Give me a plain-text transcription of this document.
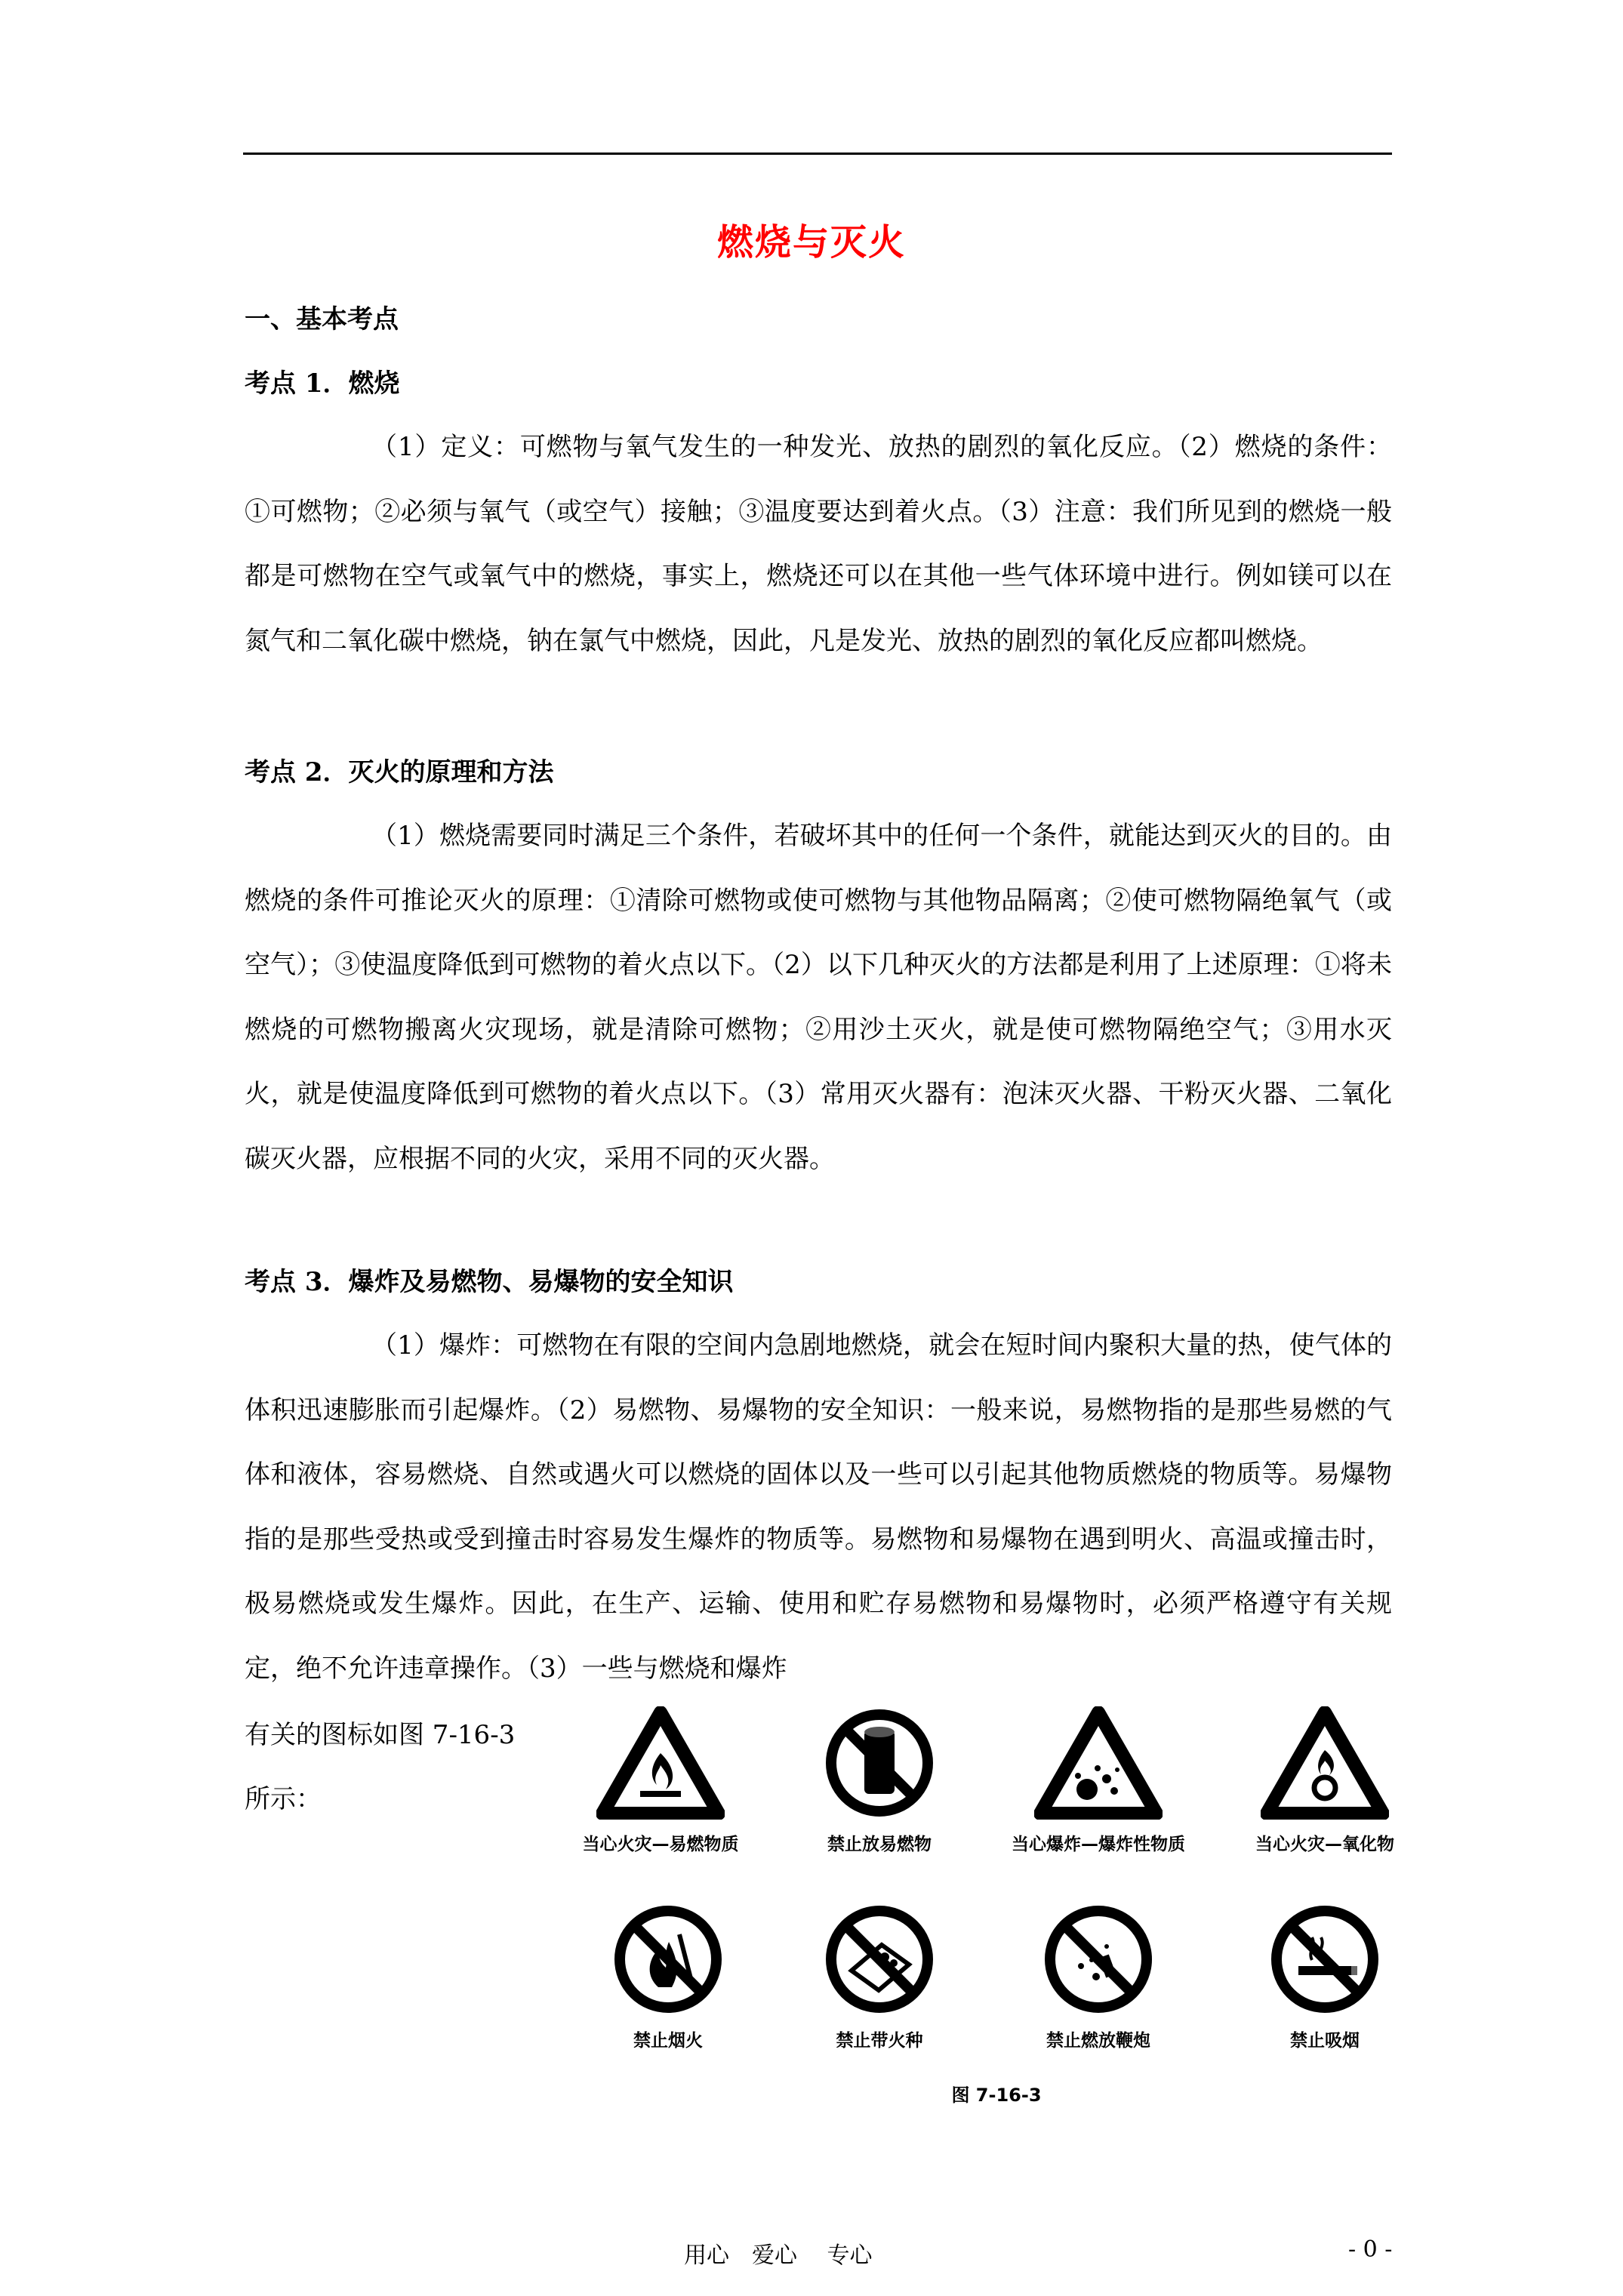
燃烧与灭火
一、基本考点
考点 1．燃烧

（1）定义：可燃物与氧气发生的一种发光、放热的剧烈的氧化反应。（2）燃烧的条件：①可燃物；②必须与氧气（或空气）接触；③温度要达到着火点。（3）注意：我们所见到的燃烧一般都是可燃物在空气或氧气中的燃烧，事实上，燃烧还可以在其他一些气体环境中进行。例如镁可以在氮气和二氧化碳中燃烧，钠在氯气中燃烧，因此，凡是发光、放热的剧烈的氧化反应都叫燃烧。

考点 2．灭火的原理和方法

（1）燃烧需要同时满足三个条件，若破坏其中的任何一个条件，就能达到灭火的目的。由燃烧的条件可推论灭火的原理：①清除可燃物或使可燃物与其他物品隔离；②使可燃物隔绝氧气（或空气）；③使温度降低到可燃物的着火点以下。（2）以下几种灭火的方法都是利用了上述原理：①将未燃烧的可燃物搬离火灾现场，就是清除可燃物；②用沙土灭火，就是使可燃物隔绝空气；③用水灭火，就是使温度降低到可燃物的着火点以下。（3）常用灭火器有：泡沫灭火器、干粉灭火器、二氧化碳灭火器，应根据不同的火灾，采用不同的灭火器。

考点 3．爆炸及易燃物、易爆物的安全知识

（1）爆炸：可燃物在有限的空间内急剧地燃烧，就会在短时间内聚积大量的热，使气体的体积迅速膨胀而引起爆炸。（2）易燃物、易爆物的安全知识：一般来说，易燃物指的是那些易燃的气体和液体，容易燃烧、自然或遇火可以燃烧的固体以及一些可以引起其他物质燃烧的物质等。易爆物指的是那些受热或受到撞击时容易发生爆炸的物质等。易燃物和易爆物在遇到明火、高温或撞击时，极易燃烧或发生爆炸。因此，在生产、运输、使用和贮存易燃物和易爆物时，必须严格遵守有关规定，绝不允许违章操作。（3）一些与燃烧和爆炸

有关的图标如图 7-16-3
所示：
当心火灾—易燃物质	禁止放易燃物	当心爆炸—爆炸性物质	当心火灾—氧化物
禁止烟火	禁止带火种	禁止燃放鞭炮	禁止吸烟
图 7-16-3
用心　爱心　 专心	- 0 -
